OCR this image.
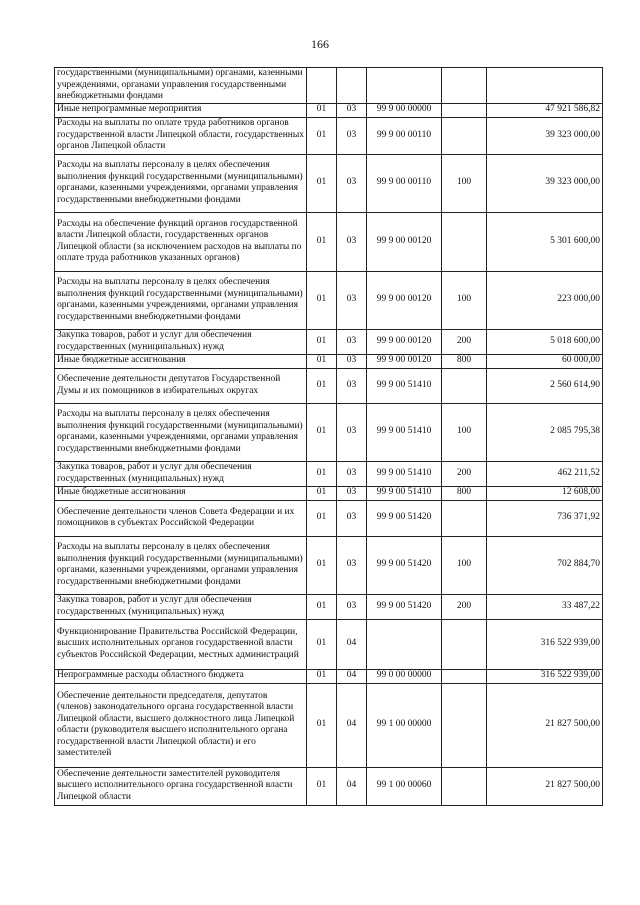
166
государственными (муниципальными) органами, казенными учреждениями, органами управления государственными внебюджетными фондами					
Иные непрограммные мероприятия	01	03	99 9 00 00000		47 921 586,82
Расходы на выплаты по оплате труда работников органов государственной власти Липецкой области, государственных органов Липецкой области	01	03	99 9 00 00110		39 323 000,00
Расходы на выплаты персоналу в целях обеспечения выполнения функций государственными (муниципальными) органами, казенными учреждениями, органами управления государственными внебюджетными фондами	01	03	99 9 00 00110	100	39 323 000,00
Расходы на обеспечение функций органов государственной власти Липецкой области, государственных органов Липецкой области (за исключением расходов на выплаты по оплате труда работников указанных органов)	01	03	99 9 00 00120		5 301 600,00
Расходы на выплаты персоналу в целях обеспечения выполнения функций государственными (муниципальными) органами, казенными учреждениями, органами управления государственными внебюджетными фондами	01	03	99 9 00 00120	100	223 000,00
Закупка товаров, работ и услуг для обеспечения государственных (муниципальных) нужд	01	03	99 9 00 00120	200	5 018 600,00
Иные бюджетные ассигнования	01	03	99 9 00 00120	800	60 000,00
Обеспечение деятельности депутатов Государственной Думы и их помощников в избирательных округах	01	03	99 9 00 51410		2 560 614,90
Расходы на выплаты персоналу в целях обеспечения выполнения функций государственными (муниципальными) органами, казенными учреждениями, органами управления государственными внебюджетными фондами	01	03	99 9 00 51410	100	2 085 795,38
Закупка товаров, работ и услуг для обеспечения государственных (муниципальных) нужд	01	03	99 9 00 51410	200	462 211,52
Иные бюджетные ассигнования	01	03	99 9 00 51410	800	12 608,00
Обеспечение деятельности членов Совета Федерации и их помощников в субъектах Российской Федерации	01	03	99 9 00 51420		736 371,92
Расходы на выплаты персоналу в целях обеспечения выполнения функций государственными (муниципальными) органами, казенными учреждениями, органами управления государственными внебюджетными фондами	01	03	99 9 00 51420	100	702 884,70
Закупка товаров, работ и услуг для обеспечения государственных (муниципальных) нужд	01	03	99 9 00 51420	200	33 487,22
Функционирование Правительства Российской Федерации, высших исполнительных органов государственной власти субъектов Российской Федерации, местных администраций	01	04			316 522 939,00
Непрограммные расходы областного бюджета	01	04	99 0 00 00000		316 522 939,00
Обеспечение деятельности председателя, депутатов (членов) законодательного органа государственной власти Липецкой области, высшего должностного лица Липецкой области (руководителя высшего исполнительного органа государственной власти Липецкой области) и его заместителей	01	04	99 1 00 00000		21 827 500,00
Обеспечение деятельности заместителей руководителя высшего исполнительного органа государственной власти Липецкой области	01	04	99 1 00 00060		21 827 500,00
